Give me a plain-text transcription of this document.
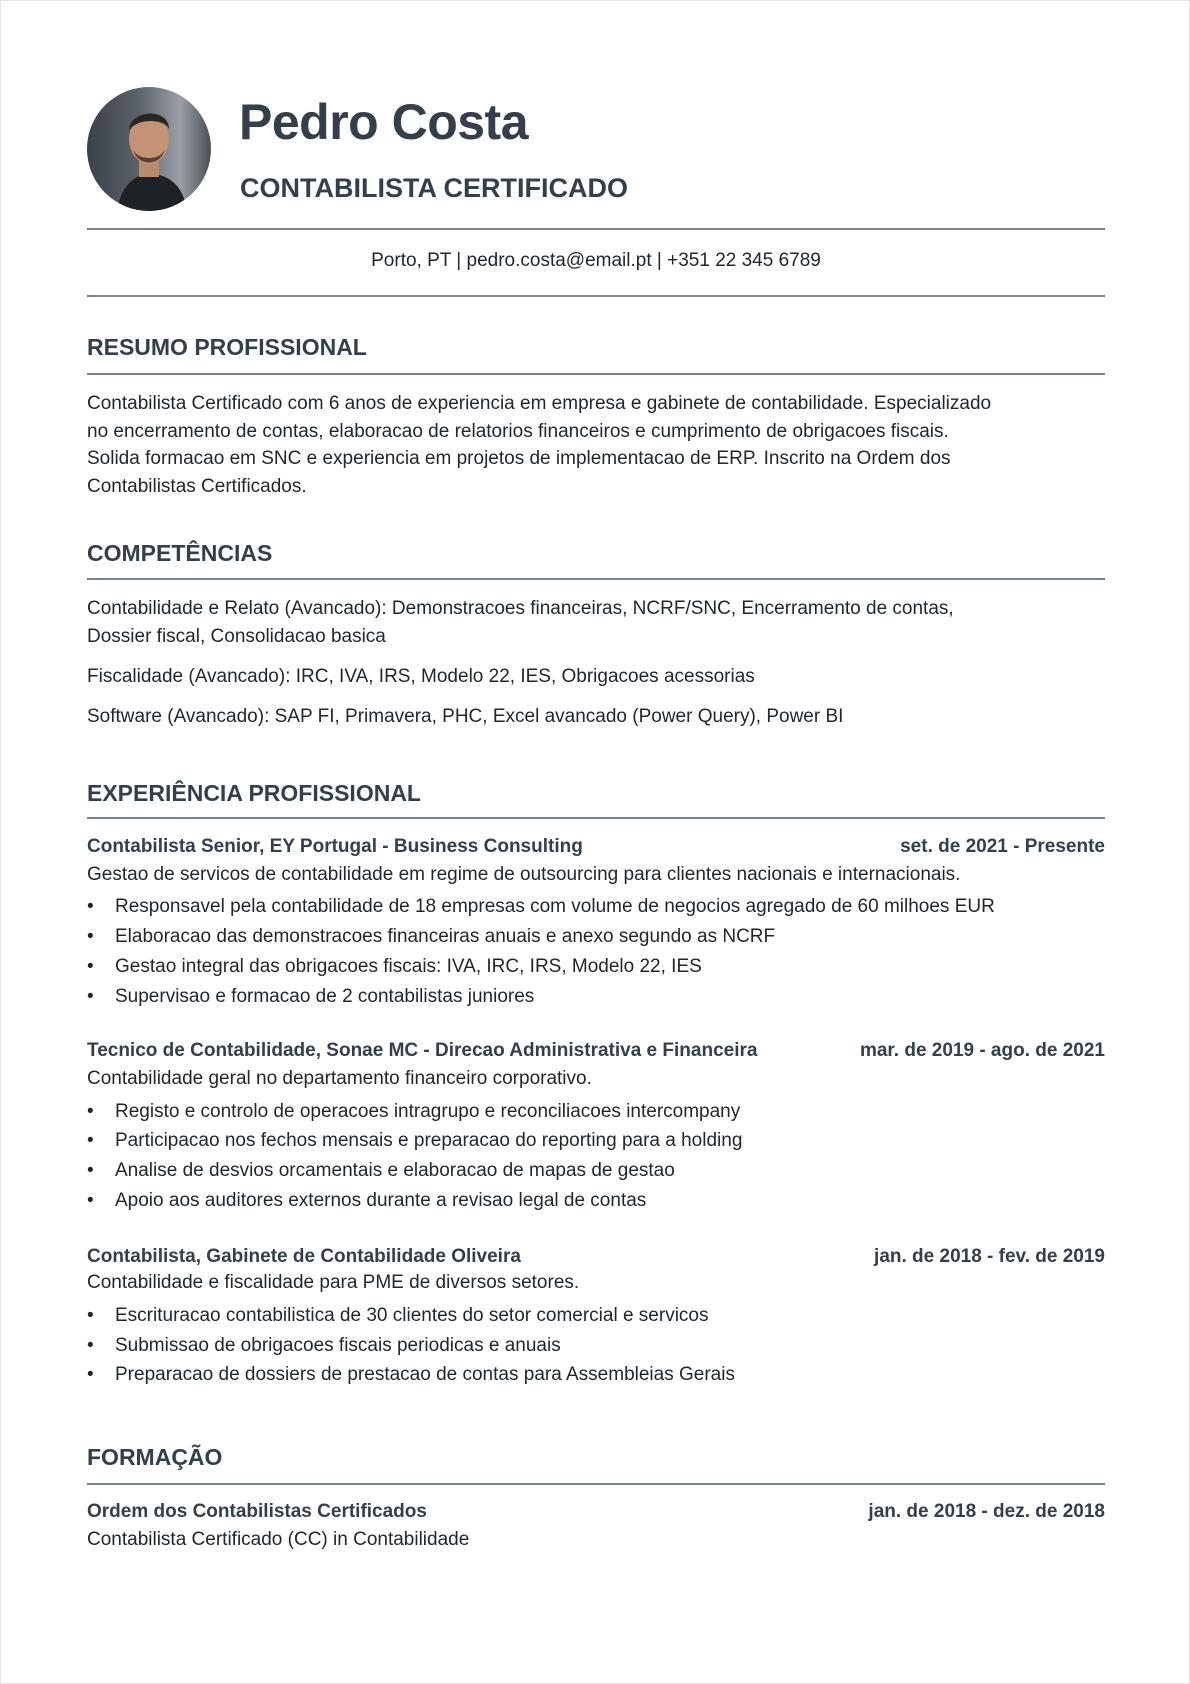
Pedro Costa
CONTABILISTA CERTIFICADO
Porto, PT | pedro.costa@email.pt | +351 22 345 6789
RESUMO PROFISSIONAL
Contabilista Certificado com 6 anos de experiencia em empresa e gabinete de contabilidade. Especializado
no encerramento de contas, elaboracao de relatorios financeiros e cumprimento de obrigacoes fiscais.
Solida formacao em SNC e experiencia em projetos de implementacao de ERP. Inscrito na Ordem dos
Contabilistas Certificados.
COMPETÊNCIAS
Contabilidade e Relato (Avancado): Demonstracoes financeiras, NCRF/SNC, Encerramento de contas,
Dossier fiscal, Consolidacao basica
Fiscalidade (Avancado): IRC, IVA, IRS, Modelo 22, IES, Obrigacoes acessorias
Software (Avancado): SAP FI, Primavera, PHC, Excel avancado (Power Query), Power BI
EXPERIÊNCIA PROFISSIONAL
Contabilista Senior, EY Portugal - Business Consulting	set. de 2021 - Presente
Gestao de servicos de contabilidade em regime de outsourcing para clientes nacionais e internacionais.
• Responsavel pela contabilidade de 18 empresas com volume de negocios agregado de 60 milhoes EUR
• Elaboracao das demonstracoes financeiras anuais e anexo segundo as NCRF
• Gestao integral das obrigacoes fiscais: IVA, IRC, IRS, Modelo 22, IES
• Supervisao e formacao de 2 contabilistas juniores
Tecnico de Contabilidade, Sonae MC - Direcao Administrativa e Financeira	mar. de 2019 - ago. de 2021
Contabilidade geral no departamento financeiro corporativo.
• Registo e controlo de operacoes intragrupo e reconciliacoes intercompany
• Participacao nos fechos mensais e preparacao do reporting para a holding
• Analise de desvios orcamentais e elaboracao de mapas de gestao
• Apoio aos auditores externos durante a revisao legal de contas
Contabilista, Gabinete de Contabilidade Oliveira	jan. de 2018 - fev. de 2019
Contabilidade e fiscalidade para PME de diversos setores.
• Escrituracao contabilistica de 30 clientes do setor comercial e servicos
• Submissao de obrigacoes fiscais periodicas e anuais
• Preparacao de dossiers de prestacao de contas para Assembleias Gerais
FORMAÇÃO
Ordem dos Contabilistas Certificados	jan. de 2018 - dez. de 2018
Contabilista Certificado (CC) in Contabilidade
